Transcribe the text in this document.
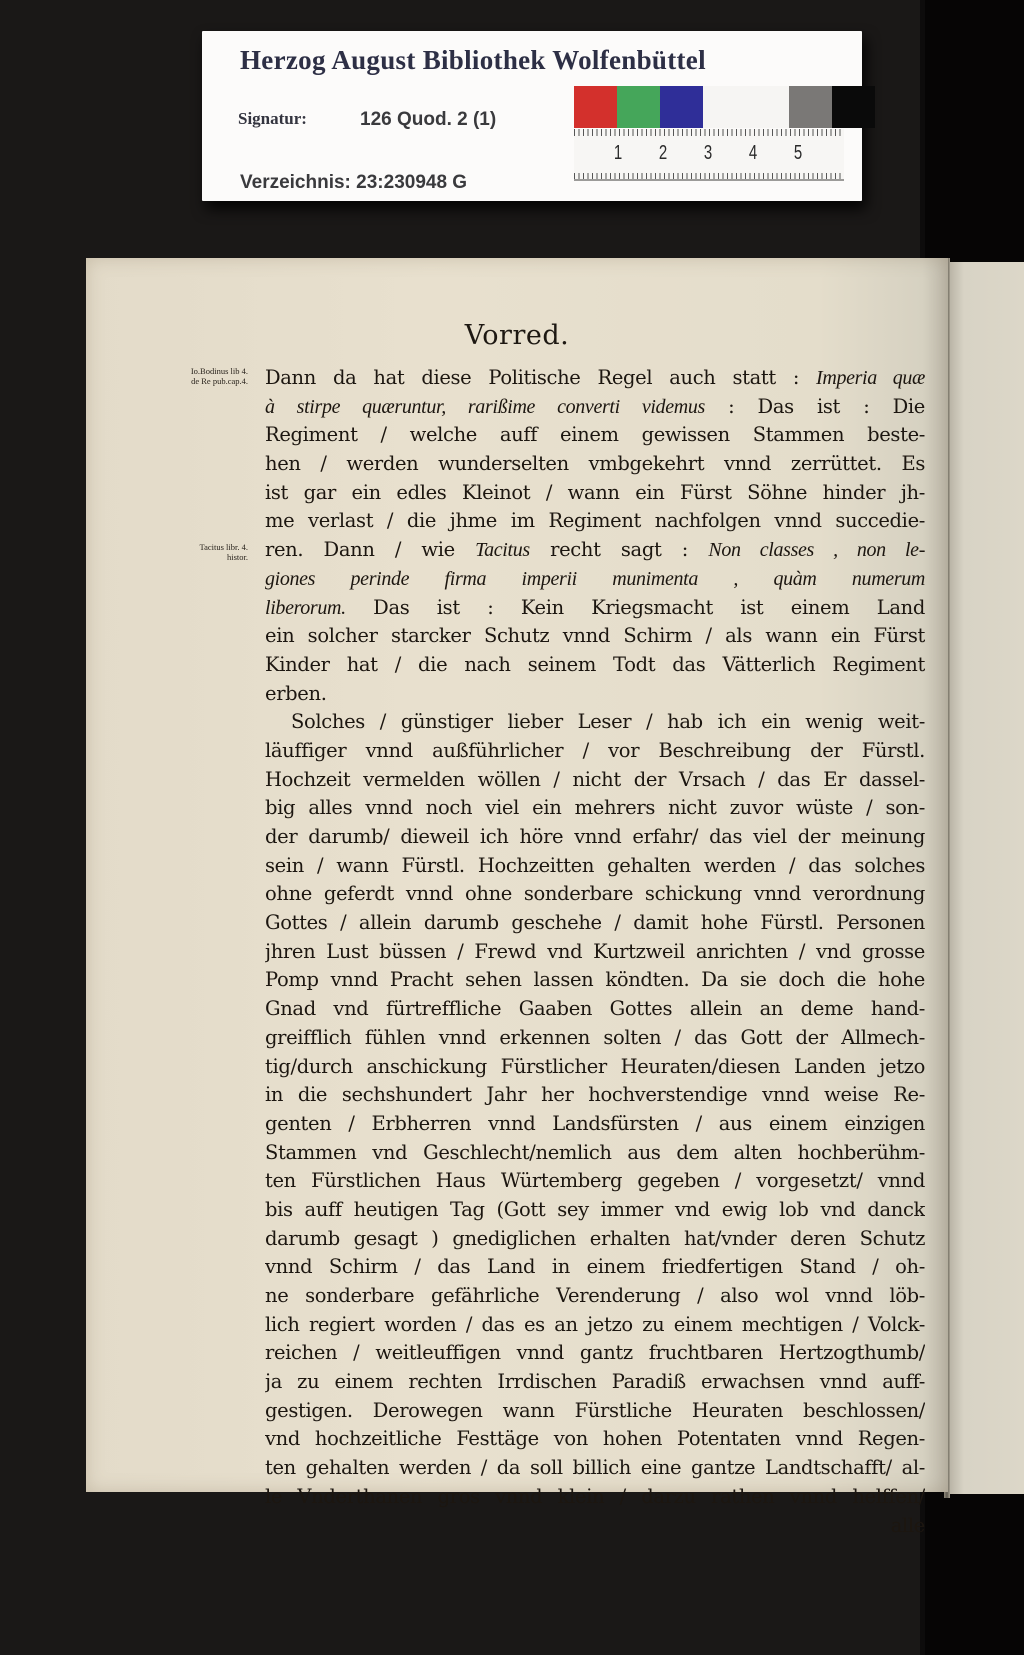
Herzog August Bibliothek Wolfenbüttel
Signatur:	126 Quod. 2 (1)
Verzeichnis: 23:230948 G
1 2 3 4 5
Vorred.
Io.Bodinus lib 4. de Re pub.cap.4.
Tacitus libr. 4. histor.
Dann da hat diese Politische Regel auch statt : Imperia quæ
à stirpe quæruntur, rarißime converti videmus : Das ist : Die
Regiment / welche auff einem gewissen Stammen beste-
hen / werden wunderselten vmbgekehrt vnnd zerrüttet. Es
ist gar ein edles Kleinot / wann ein Fürst Söhne hinder jh-
me verlast / die jhme im Regiment nachfolgen vnnd succedie-
ren. Dann / wie Tacitus recht sagt : Non classes , non le-
giones perinde firma imperii munimenta , quàm numerum
liberorum. Das ist : Kein Kriegsmacht ist einem Land
ein solcher starcker Schutz vnnd Schirm / als wann ein Fürst
Kinder hat / die nach seinem Todt das Vätterlich Regiment
erben.
Solches / günstiger lieber Leser / hab ich ein wenig weit-
läuffiger vnnd außführlicher / vor Beschreibung der Fürstl.
Hochzeit vermelden wöllen / nicht der Vrsach / das Er dassel-
big alles vnnd noch viel ein mehrers nicht zuvor wüste / son-
der darumb/ dieweil ich höre vnnd erfahr/ das viel der meinung
sein / wann Fürstl. Hochzeitten gehalten werden / das solches
ohne geferdt vnnd ohne sonderbare schickung vnnd verordnung
Gottes / allein darumb geschehe / damit hohe Fürstl. Personen
jhren Lust büssen / Frewd vnd Kurtzweil anrichten / vnd grosse
Pomp vnnd Pracht sehen lassen köndten. Da sie doch die hohe
Gnad vnd fürtreffliche Gaaben Gottes allein an deme hand-
greifflich fühlen vnnd erkennen solten / das Gott der Allmech-
tig/durch anschickung Fürstlicher Heuraten/diesen Landen jetzo
in die sechshundert Jahr her hochverstendige vnnd weise Re-
genten / Erbherren vnnd Landsfürsten / aus einem einzigen
Stammen vnd Geschlecht/nemlich aus dem alten hochberühm-
ten Fürstlichen Haus Würtemberg gegeben / vorgesetzt/ vnnd
bis auff heutigen Tag (Gott sey immer vnd ewig lob vnd danck
darumb gesagt ) gnediglichen erhalten hat/vnder deren Schutz
vnnd Schirm / das Land in einem friedfertigen Stand / oh-
ne sonderbare gefährliche Verenderung / also wol vnnd löb-
lich regiert worden / das es an jetzo zu einem mechtigen / Volck-
reichen / weitleuffigen vnnd gantz fruchtbaren Hertzogthumb/
ja zu einem rechten Irrdischen Paradiß erwachsen vnnd auff-
gestigen. Derowegen wann Fürstliche Heuraten beschlossen/
vnd hochzeitliche Festtäge von hohen Potentaten vnnd Regen-
ten gehalten werden / da soll billich eine gantze Landtschafft/ al-
le Vnderthanen gros vnnd klein / darzu rathen vnnd helffen/
alle
